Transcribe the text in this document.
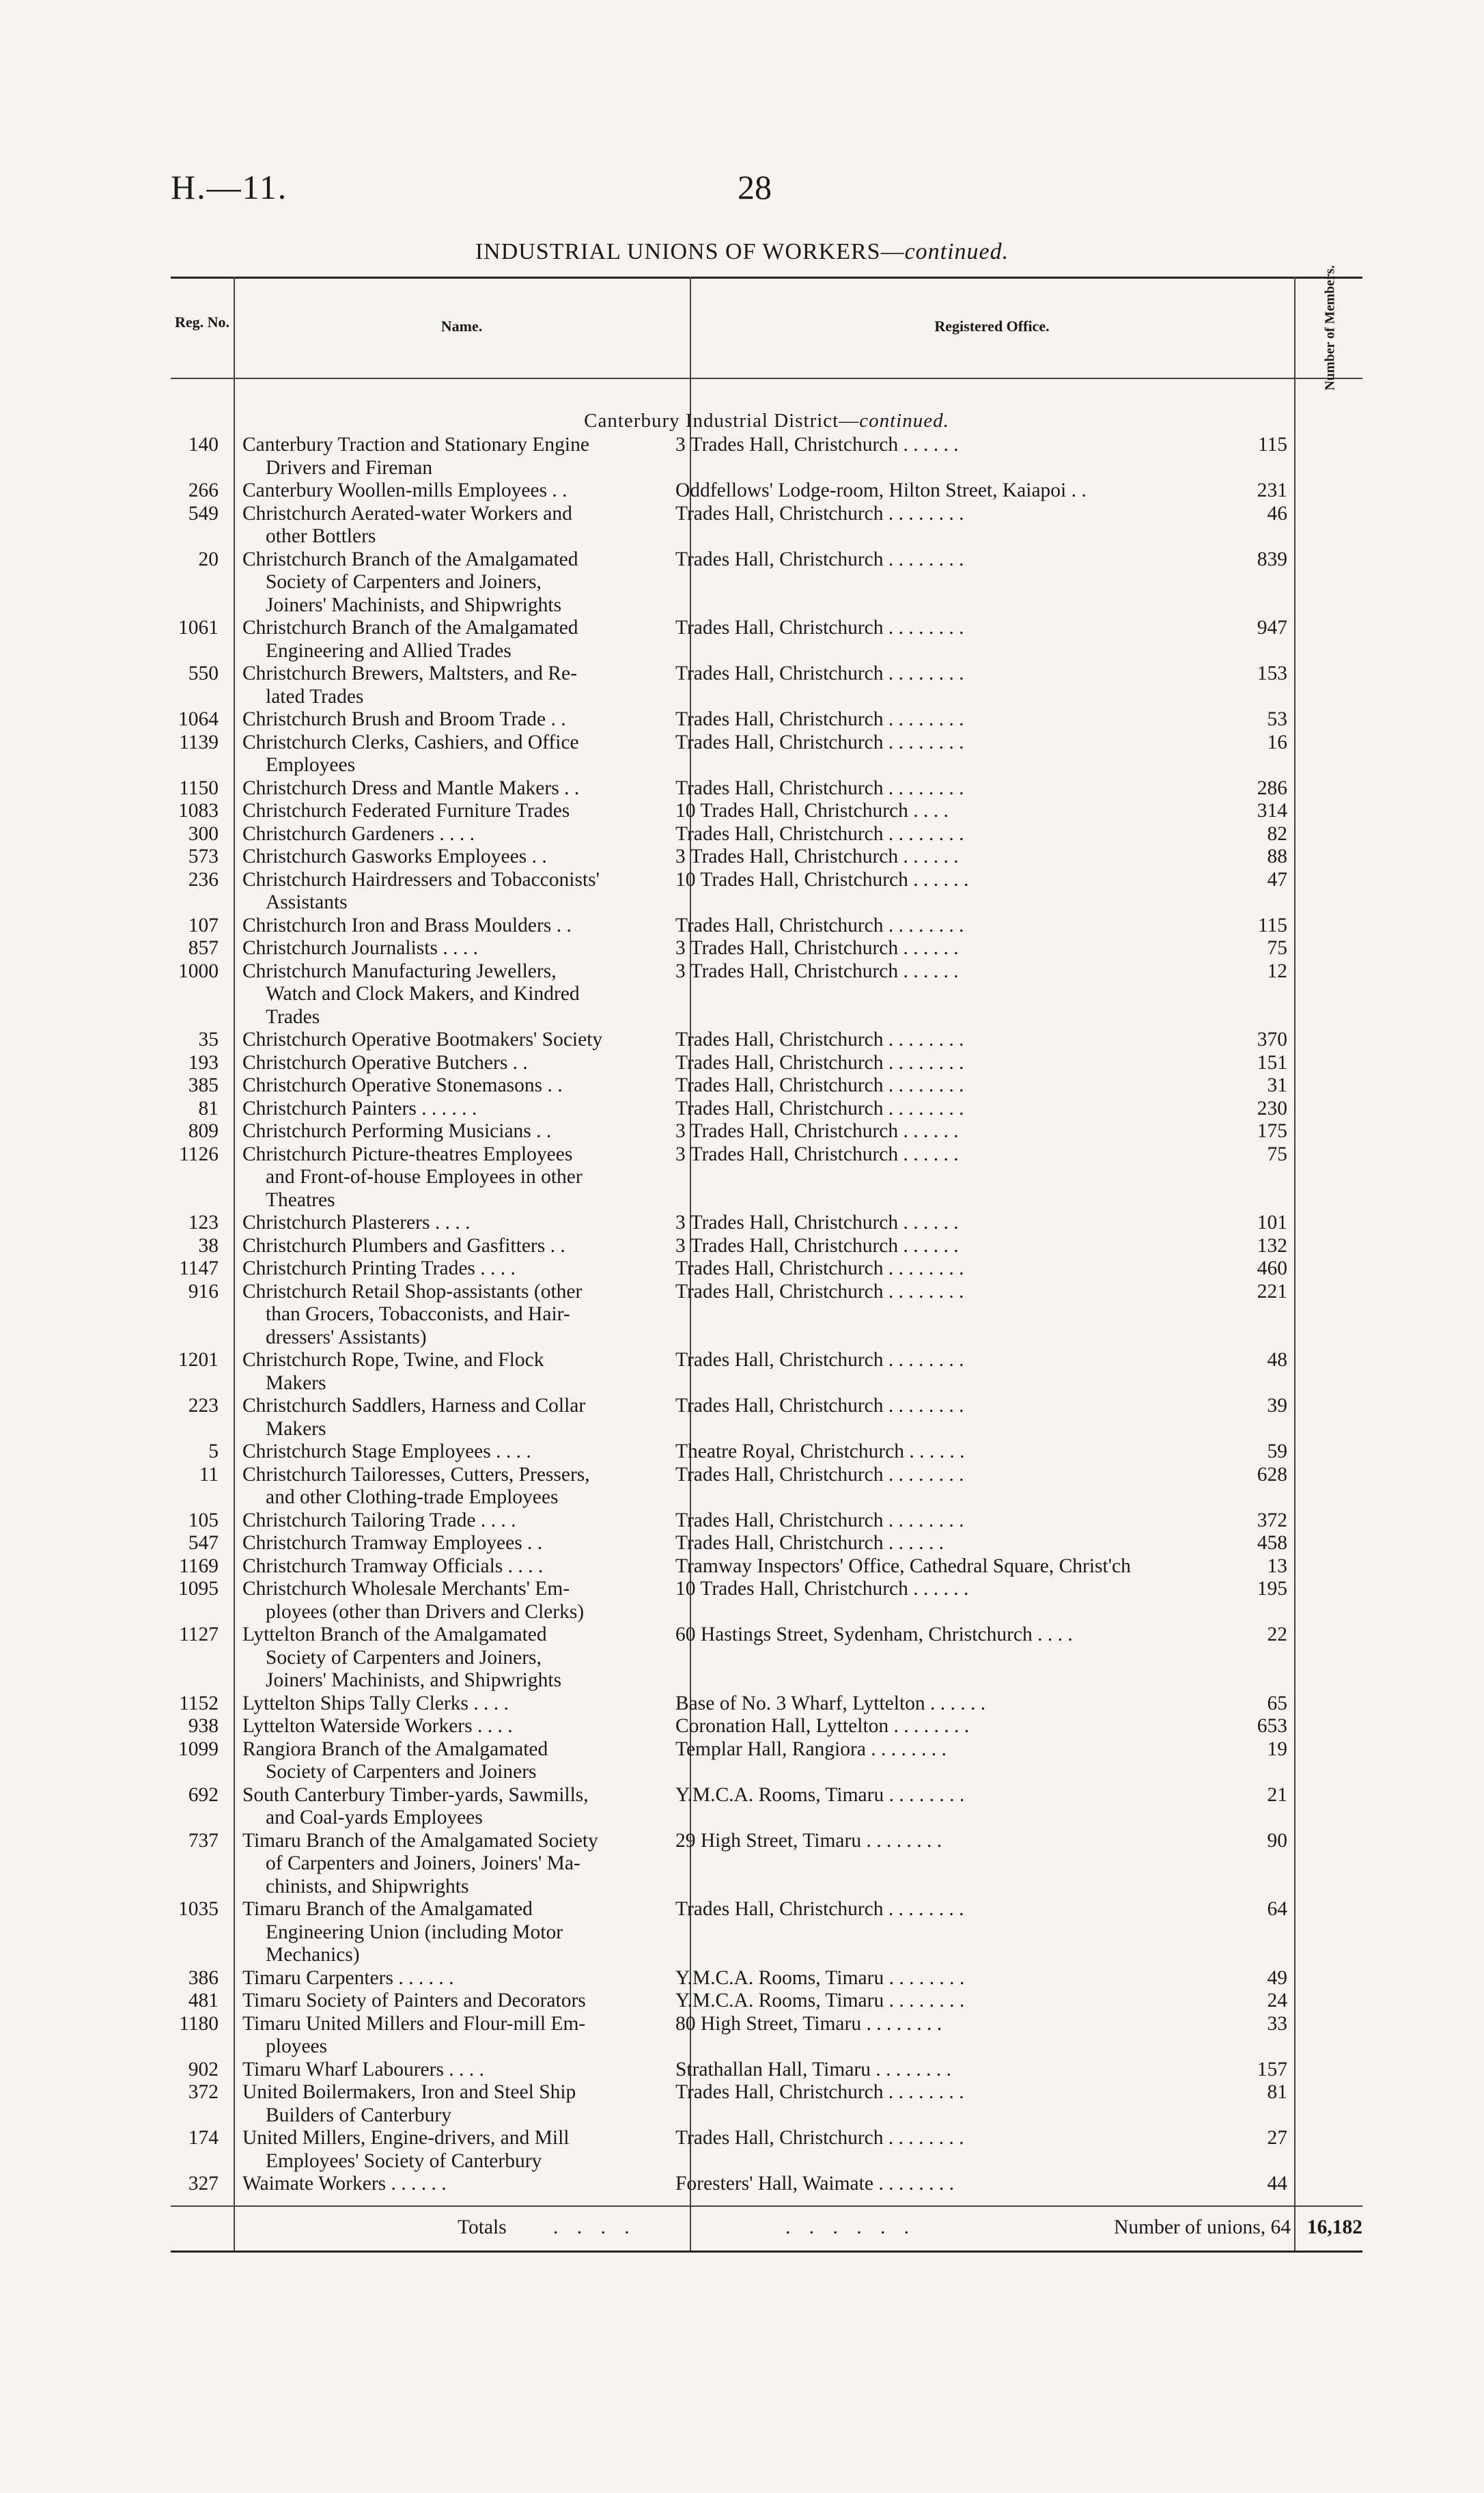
H.—11.	28
INDUSTRIAL UNIONS OF WORKERS—continued.
Reg. No.	Name.	Registered Office.	Number of Members.
Canterbury Industrial District—continued.
140	Canterbury Traction and Stationary Engine
Drivers and Fireman
3 Trades Hall, Christchurch . . . . . .	115
266	Canterbury Woollen-mills Employees . .	Oddfellows' Lodge-room, Hilton Street, Kaiapoi . .	231
549	Christchurch Aerated-water Workers and
other Bottlers
Trades Hall, Christchurch . . . . . . . .	46
20	Christchurch Branch of the Amalgamated
Society of Carpenters and Joiners,
Joiners' Machinists, and Shipwrights
Trades Hall, Christchurch . . . . . . . .	839
1061	Christchurch Branch of the Amalgamated
Engineering and Allied Trades
Trades Hall, Christchurch . . . . . . . .	947
550	Christchurch Brewers, Maltsters, and Re-
lated Trades
Trades Hall, Christchurch . . . . . . . .	153
1064	Christchurch Brush and Broom Trade . .	Trades Hall, Christchurch . . . . . . . .	53
1139	Christchurch Clerks, Cashiers, and Office
Employees
Trades Hall, Christchurch . . . . . . . .	16
1150	Christchurch Dress and Mantle Makers . .	Trades Hall, Christchurch . . . . . . . .	286
1083	Christchurch Federated Furniture Trades	10 Trades Hall, Christchurch . . . .	314
300	Christchurch Gardeners . . . .	Trades Hall, Christchurch . . . . . . . .	82
573	Christchurch Gasworks Employees . .	3 Trades Hall, Christchurch . . . . . .	88
236	Christchurch Hairdressers and Tobacconists'
Assistants
10 Trades Hall, Christchurch . . . . . .	47
107	Christchurch Iron and Brass Moulders . .	Trades Hall, Christchurch . . . . . . . .	115
857	Christchurch Journalists . . . .	3 Trades Hall, Christchurch . . . . . .	75
1000	Christchurch Manufacturing Jewellers,
Watch and Clock Makers, and Kindred
Trades
3 Trades Hall, Christchurch . . . . . .	12
35	Christchurch Operative Bootmakers' Society	Trades Hall, Christchurch . . . . . . . .	370
193	Christchurch Operative Butchers . .	Trades Hall, Christchurch . . . . . . . .	151
385	Christchurch Operative Stonemasons . .	Trades Hall, Christchurch . . . . . . . .	31
81	Christchurch Painters . . . . . .	Trades Hall, Christchurch . . . . . . . .	230
809	Christchurch Performing Musicians . .	3 Trades Hall, Christchurch . . . . . .	175
1126	Christchurch Picture-theatres Employees
and Front-of-house Employees in other
Theatres
3 Trades Hall, Christchurch . . . . . .	75
123	Christchurch Plasterers . . . .	3 Trades Hall, Christchurch . . . . . .	101
38	Christchurch Plumbers and Gasfitters . .	3 Trades Hall, Christchurch . . . . . .	132
1147	Christchurch Printing Trades . . . .	Trades Hall, Christchurch . . . . . . . .	460
916	Christchurch Retail Shop-assistants (other
than Grocers, Tobacconists, and Hair-
dressers' Assistants)
Trades Hall, Christchurch . . . . . . . .	221
1201	Christchurch Rope, Twine, and Flock
Makers
Trades Hall, Christchurch . . . . . . . .	48
223	Christchurch Saddlers, Harness and Collar
Makers
Trades Hall, Christchurch . . . . . . . .	39
5	Christchurch Stage Employees . . . .	Theatre Royal, Christchurch . . . . . .	59
11	Christchurch Tailoresses, Cutters, Pressers,
and other Clothing-trade Employees
Trades Hall, Christchurch . . . . . . . .	628
105	Christchurch Tailoring Trade . . . .	Trades Hall, Christchurch . . . . . . . .	372
547	Christchurch Tramway Employees . .	Trades Hall, Christchurch . . . . . .	458
1169	Christchurch Tramway Officials . . . .	Tramway Inspectors' Office, Cathedral Square, Christ'ch	13
1095	Christchurch Wholesale Merchants' Em-
ployees (other than Drivers and Clerks)
10 Trades Hall, Christchurch . . . . . .	195
1127	Lyttelton Branch of the Amalgamated
Society of Carpenters and Joiners,
Joiners' Machinists, and Shipwrights
60 Hastings Street, Sydenham, Christchurch . . . .	22
1152	Lyttelton Ships Tally Clerks . . . .	Base of No. 3 Wharf, Lyttelton . . . . . .	65
938	Lyttelton Waterside Workers . . . .	Coronation Hall, Lyttelton . . . . . . . .	653
1099	Rangiora Branch of the Amalgamated
Society of Carpenters and Joiners
Templar Hall, Rangiora . . . . . . . .	19
692	South Canterbury Timber-yards, Sawmills,
and Coal-yards Employees
Y.M.C.A. Rooms, Timaru . . . . . . . .	21
737	Timaru Branch of the Amalgamated Society
of Carpenters and Joiners, Joiners' Ma-
chinists, and Shipwrights
29 High Street, Timaru . . . . . . . .	90
1035	Timaru Branch of the Amalgamated
Engineering Union (including Motor
Mechanics)
Trades Hall, Christchurch . . . . . . . .	64
386	Timaru Carpenters . . . . . .	Y.M.C.A. Rooms, Timaru . . . . . . . .	49
481	Timaru Society of Painters and Decorators	Y.M.C.A. Rooms, Timaru . . . . . . . .	24
1180	Timaru United Millers and Flour-mill Em-
ployees
80 High Street, Timaru . . . . . . . .	33
902	Timaru Wharf Labourers . . . .	Strathallan Hall, Timaru . . . . . . . .	157
372	United Boilermakers, Iron and Steel Ship
Builders of Canterbury
Trades Hall, Christchurch . . . . . . . .	81
174	United Millers, Engine-drivers, and Mill
Employees' Society of Canterbury
Trades Hall, Christchurch . . . . . . . .	27
327	Waimate Workers . . . . . .	Foresters' Hall, Waimate . . . . . . . .	44
Totals . . . .	. . . . . .	Number of unions, 64 16,182
